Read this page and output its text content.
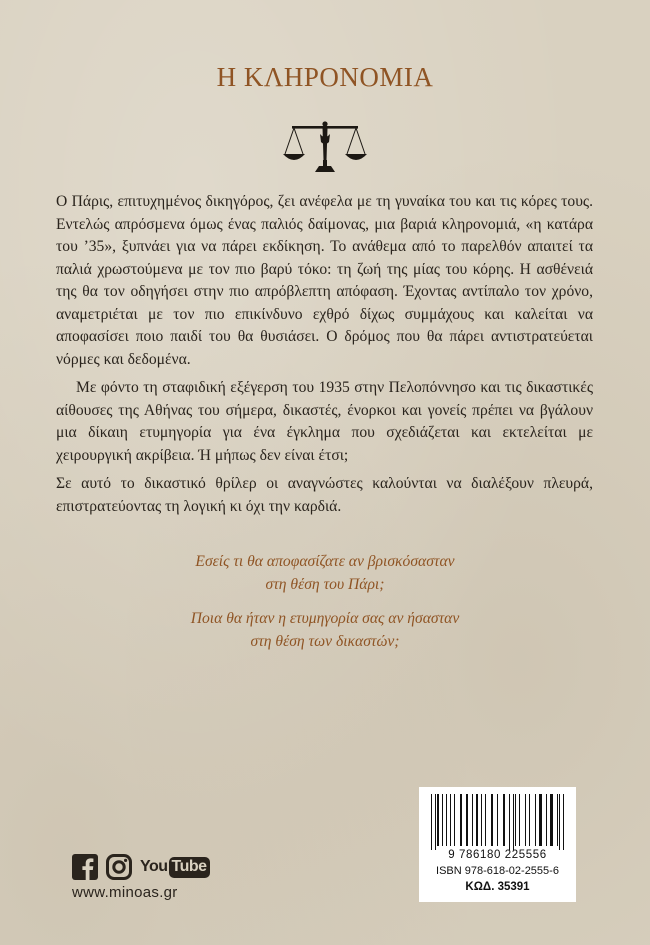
Η ΚΛΗΡΟΝΟΜΙΑ

Ο Πάρις, επιτυχημένος δικηγόρος, ζει ανέφελα με τη γυναίκα του και τις κόρες τους. Εντελώς απρόσμενα όμως ένας παλιός δαίμονας, μια βαριά κληρονομιά, «η κατάρα του ’35», ξυπνάει για να πάρει εκδίκηση. Το ανάθεμα από το παρελθόν απαιτεί τα παλιά χρωστούμενα με τον πιο βαρύ τόκο: τη ζωή της μίας του κόρης. Η ασθένειά της θα τον οδηγήσει στην πιο απρόβλεπτη απόφαση. Έχοντας αντίπαλο τον χρόνο, αναμετριέται με τον πιο επικίνδυνο εχθρό δίχως συμμάχους και καλείται να αποφασίσει ποιο παιδί του θα θυσιάσει. Ο δρόμος που θα πάρει αντιστρατεύεται νόρμες και δεδομένα.

Με φόντο τη σταφιδική εξέγερση του 1935 στην Πελοπόννησο και τις δικαστικές αίθουσες της Αθήνας του σήμερα, δικαστές, ένορκοι και γονείς πρέπει να βγάλουν μια δίκαιη ετυμηγορία για ένα έγκλημα που σχεδιάζεται και εκτελείται με χειρουργική ακρίβεια. Ή μήπως δεν είναι έτσι;

Σε αυτό το δικαστικό θρίλερ οι αναγνώστες καλούνται να διαλέξουν πλευρά, επιστρατεύοντας τη λογική κι όχι την καρδιά.

Εσείς τι θα αποφασίζατε αν βρισκόσασταν
στη θέση του Πάρι;

Ποια θα ήταν η ετυμηγορία σας αν ήσασταν
στη θέση των δικαστών;

You Tube
www.minoas.gr
9 786180 225556
ISBN 978-618-02-2555-6
ΚΩΔ. 35391
